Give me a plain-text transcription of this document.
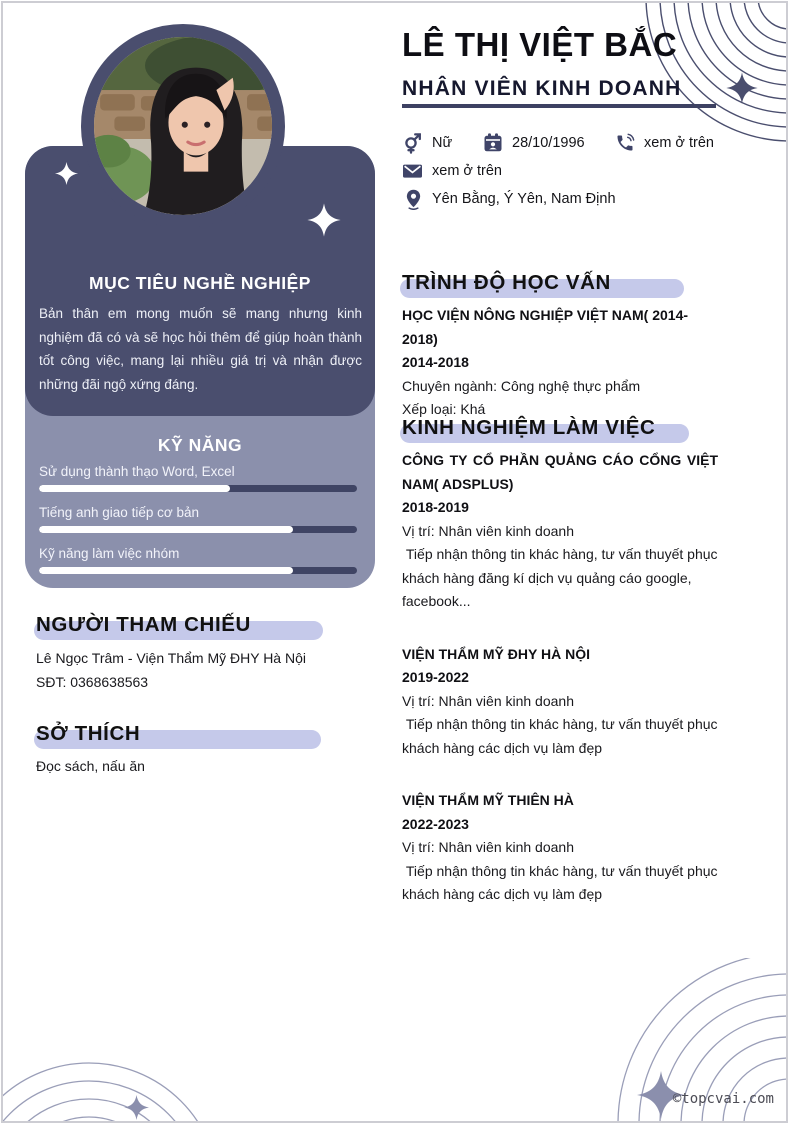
©topcvai.com
MỤC TIÊU NGHỀ NGHIỆP
Bản thân em mong muốn sẽ mang nhưng kinh nghiệm đã có và sẽ học hỏi thêm để giúp hoàn thành tốt công việc, mang lại nhiều giá trị và nhận được những đãi ngộ xứng đáng.
KỸ NĂNG
Sử dụng thành thạo Word, Excel
Tiếng anh giao tiếp cơ bản
Kỹ năng làm việc nhóm
NGƯỜI THAM CHIẾU
Lê Ngọc Trâm - Viện Thẩm Mỹ ĐHY Hà Nội
SĐT: 0368638563
SỞ THÍCH
Đọc sách, nấu ăn
LÊ THỊ VIỆT BẮC
NHÂN VIÊN KINH DOANH
Nữ	28/10/1996	xem ở trên
xem ở trên
Yên Bằng, Ý Yên, Nam Định
TRÌNH ĐỘ HỌC VẤN
HỌC VIỆN NÔNG NGHIỆP VIỆT NAM( 2014-2018)
2014-2018
Chuyên ngành: Công nghệ thực phẩm
Xếp loại: Khá
KINH NGHIỆM LÀM VIỆC
CÔNG TY CỔ PHẦN QUẢNG CÁO CỔNG VIỆT NAM( ADSPLUS)
2018-2019
Vị trí: Nhân viên kinh doanh
Tiếp nhận thông tin khác hàng, tư vấn thuyết phục khách hàng đăng kí dịch vụ quảng cáo google, facebook...
VIỆN THẨM MỸ ĐHY HÀ NỘI
2019-2022
Vị trí: Nhân viên kinh doanh
Tiếp nhận thông tin khác hàng, tư vấn thuyết phục khách hàng các dịch vụ làm đẹp
VIỆN THẨM MỸ THIÊN HÀ
2022-2023
Vị trí: Nhân viên kinh doanh
Tiếp nhận thông tin khác hàng, tư vấn thuyết phục khách hàng các dịch vụ làm đẹp
